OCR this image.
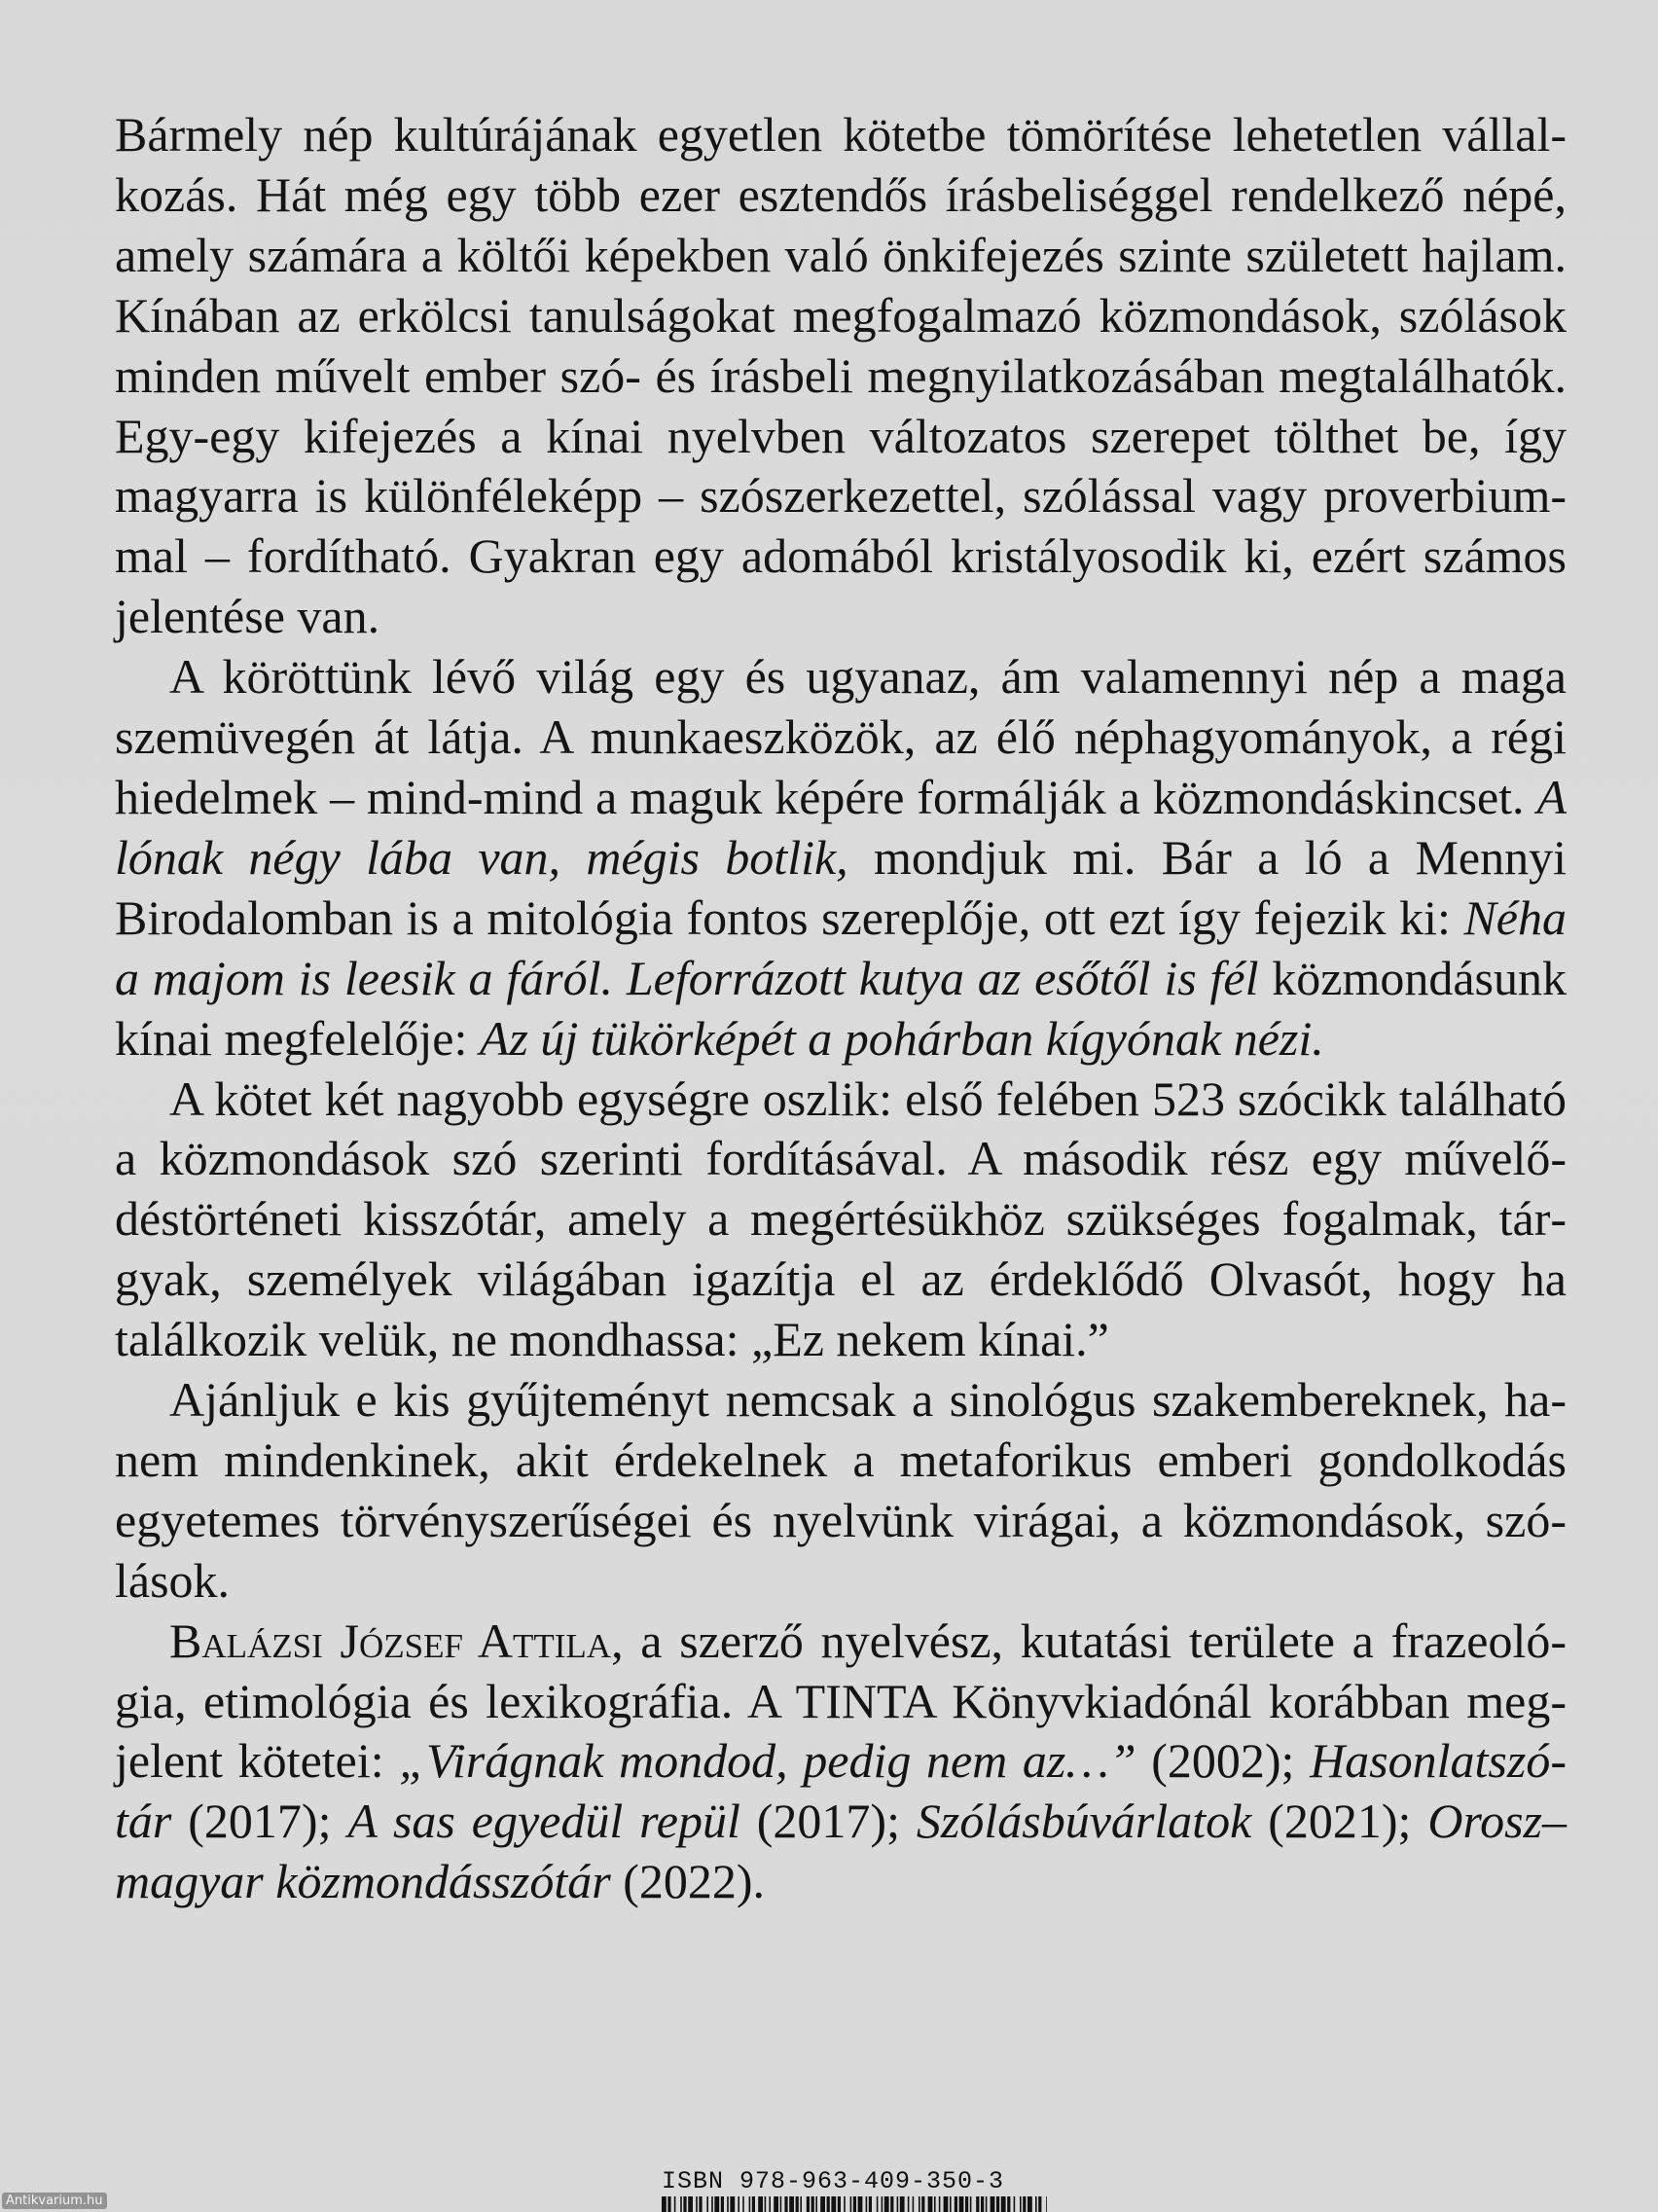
Bármely nép kultúrájának egyetlen kötetbe tömörítése lehetetlen vállalkozás. Hát még egy több ezer esztendős írásbeliséggel rendelkező népé, amely számára a költői képekben való önkifejezés szinte született hajlam. Kínában az erkölcsi tanulságokat megfogalmazó közmondások, szólások minden művelt ember szó- és írásbeli megnyilatkozásában megtalálhatók. Egy-egy kifejezés a kínai nyelvben változatos szerepet tölthet be, így magyarra is különféleképp – szószerkezettel, szólással vagy proverbiummal – fordítható. Gyakran egy adomából kristályosodik ki, ezért számos jelentése van.

A köröttünk lévő világ egy és ugyanaz, ám valamennyi nép a maga szemüvegén át látja. A munkaeszközök, az élő néphagyományok, a régi hiedelmek – mind-mind a maguk képére formálják a közmondáskincset. A lónak négy lába van, mégis botlik, mondjuk mi. Bár a ló a Mennyi Birodalomban is a mitológia fontos szereplője, ott ezt így fejezik ki: Néha a majom is leesik a fáról. Leforrázott kutya az esőtől is fél közmondásunk kínai megfelelője: Az új tükörképét a pohárban kígyónak nézi.

A kötet két nagyobb egységre oszlik: első felében 523 szócikk található a közmondások szó szerinti fordításával. A második rész egy művelődéstörténeti kisszótár, amely a megértésükhöz szükséges fogalmak, tárgyak, személyek világában igazítja el az érdeklődő Olvasót, hogy ha találkozik velük, ne mondhassa: „Ez nekem kínai.”

Ajánljuk e kis gyűjteményt nemcsak a sinológus szakembereknek, hanem mindenkinek, akit érdekelnek a metaforikus emberi gondolkodás egyetemes törvényszerűségei és nyelvünk virágai, a közmondások, szólások.

Balázsi József Attila, a szerző nyelvész, kutatási területe a frazeológia, etimológia és lexikográfia. A TINTA Könyvkiadónál korábban megjelent kötetei: „Virágnak mondod, pedig nem az…” (2002); Hasonlatszótár (2017); A sas egyedül repül (2017); Szólásbúvárlatok (2021); Orosz–magyar közmondásszótár (2022).

ISBN 978-963-409-350-3
Antikvarium.hu
